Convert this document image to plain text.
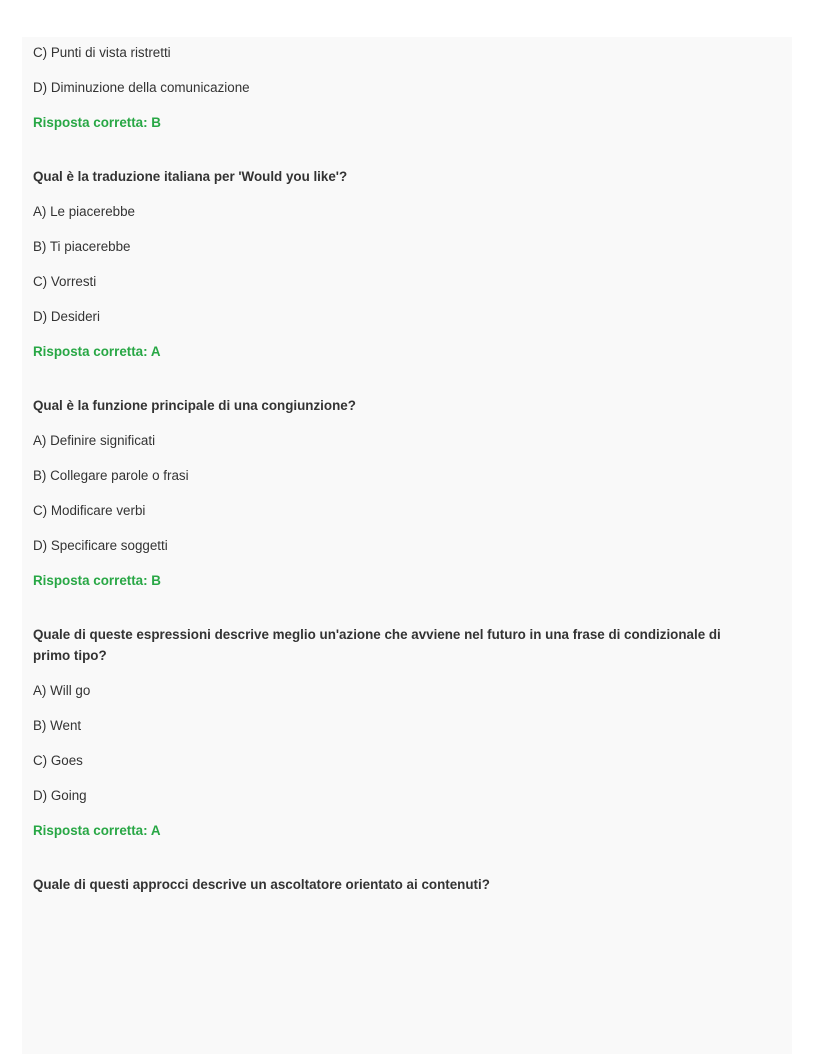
C) Punti di vista ristretti
D) Diminuzione della comunicazione
Risposta corretta: B
Qual è la traduzione italiana per 'Would you like'?
A) Le piacerebbe
B) Ti piacerebbe
C) Vorresti
D) Desideri
Risposta corretta: A
Qual è la funzione principale di una congiunzione?
A) Definire significati
B) Collegare parole o frasi
C) Modificare verbi
D) Specificare soggetti
Risposta corretta: B
Quale di queste espressioni descrive meglio un'azione che avviene nel futuro in una frase di condizionale di primo tipo?
A) Will go
B) Went
C) Goes
D) Going
Risposta corretta: A
Quale di questi approcci descrive un ascoltatore orientato ai contenuti?
